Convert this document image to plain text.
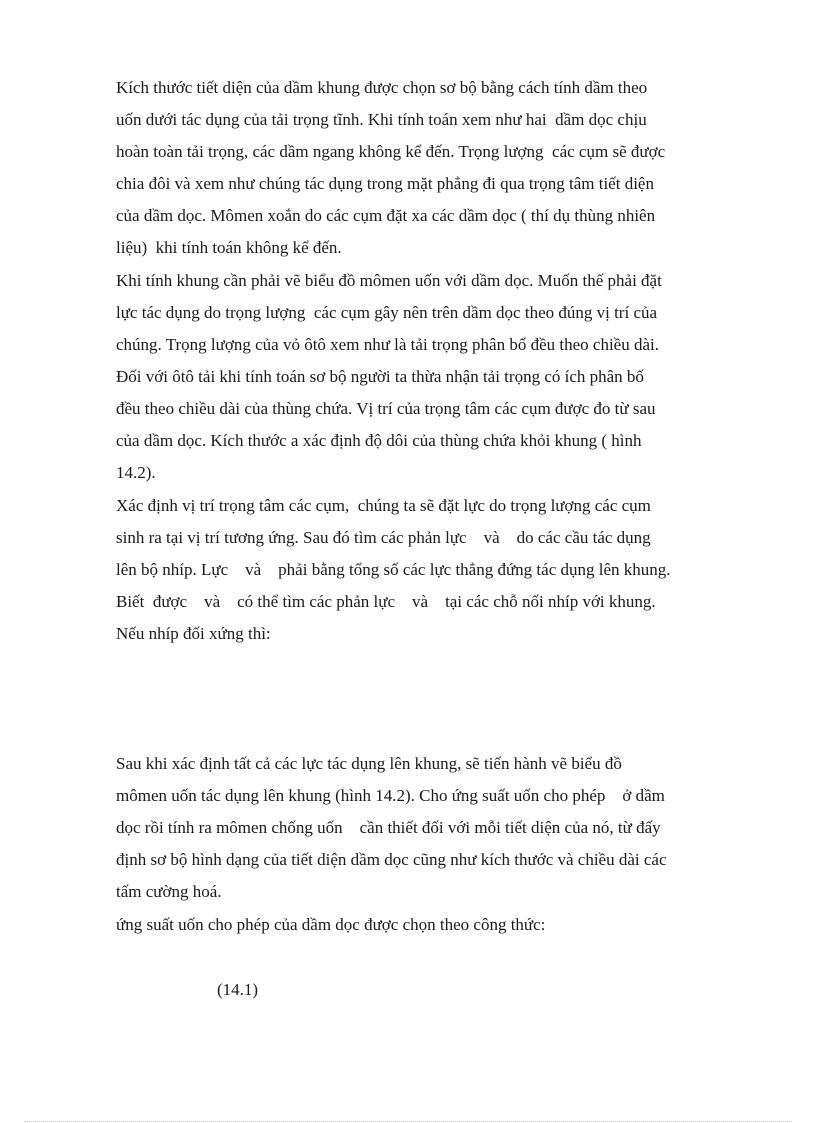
Kích thước tiết diện của dầm khung được chọn sơ bộ bằng cách tính dầm theo
uốn dưới tác dụng của tải trọng tĩnh. Khi tính toán xem như hai  dầm dọc chịu
hoàn toàn tải trọng, các dầm ngang không kể đến. Trọng lượng  các cụm sẽ được
chia đôi và xem như chúng tác dụng trong mặt phẳng đi qua trọng tâm tiết diện
của dầm dọc. Mômen xoắn do các cụm đặt xa các dầm dọc ( thí dụ thùng nhiên
liệu)  khi tính toán không kể đến.
Khi tính khung cần phải vẽ biểu đồ mômen uốn với dầm dọc. Muốn thế phải đặt
lực tác dụng do trọng lượng  các cụm gây nên trên dầm dọc theo đúng vị trí của
chúng. Trọng lượng của vỏ ôtô xem như là tải trọng phân bố đều theo chiều dài.
Đối với ôtô tải khi tính toán sơ bộ người ta thừa nhận tải trọng có ích phân bố
đều theo chiều dài của thùng chứa. Vị trí của trọng tâm các cụm được đo từ sau
của dầm dọc. Kích thước a xác định độ dôi của thùng chứa khỏi khung ( hình
14.2).
Xác định vị trí trọng tâm các cụm,  chúng ta sẽ đặt lực do trọng lượng các cụm
sinh ra tại vị trí tương ứng. Sau đó tìm các phản lực    và    do các cầu tác dụng
lên bộ nhíp. Lực    và    phải bằng tổng số các lực thẳng đứng tác dụng lên khung.
Biết  được    và    có thể tìm các phản lực    và    tại các chỗ nối nhíp với khung.
Nếu nhíp đối xứng thì:
Sau khi xác định tất cả các lực tác dụng lên khung, sẽ tiến hành vẽ biểu đồ
mômen uốn tác dụng lên khung (hình 14.2). Cho ứng suất uốn cho phép    ở dầm
dọc rồi tính ra mômen chống uốn    cần thiết đối với mỗi tiết diện của nó, từ đấy
định sơ bộ hình dạng của tiết diện dầm dọc cũng như kích thước và chiều dài các
tấm cường hoá.
ứng suất uốn cho phép của dầm dọc được chọn theo công thức:
(14.1)
